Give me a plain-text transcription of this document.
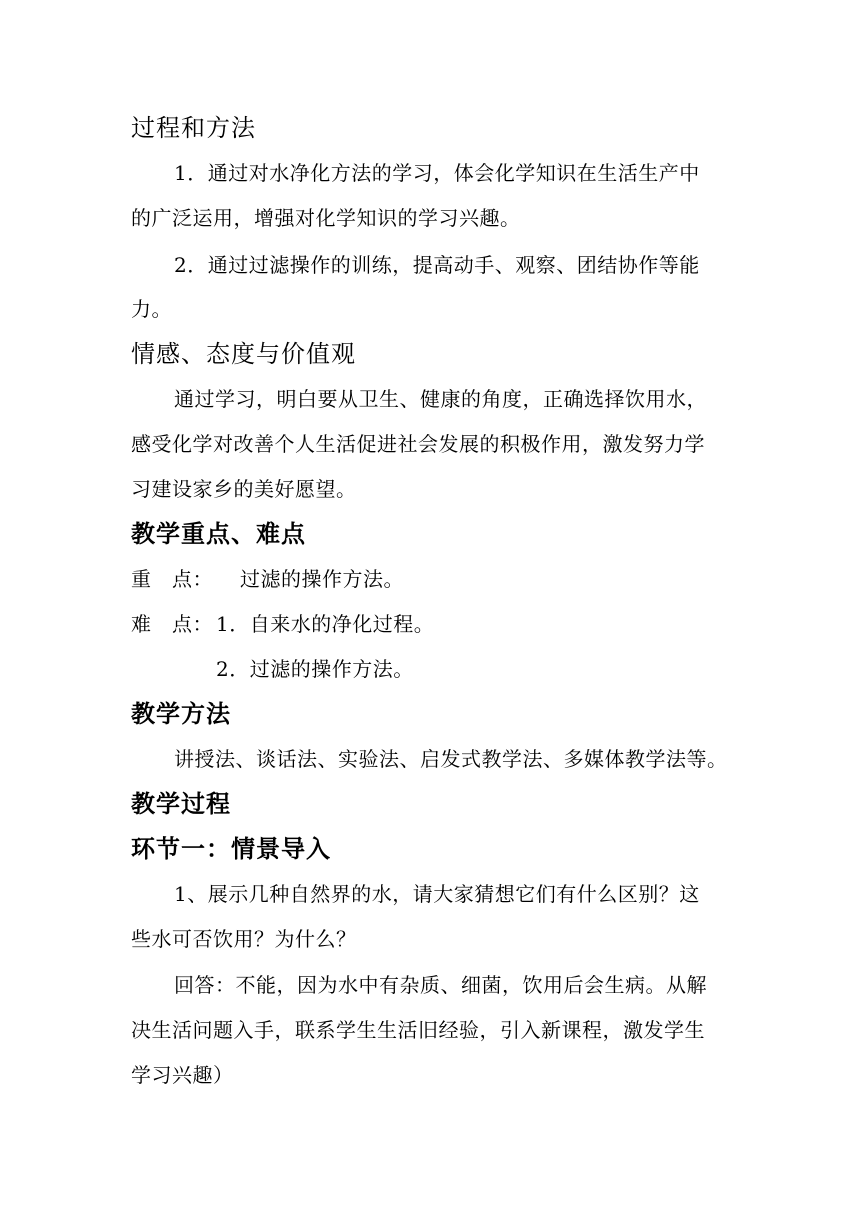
过程和方法
1．通过对水净化方法的学习，体会化学知识在生活生产中
的广泛运用，增强对化学知识的学习兴趣。
2．通过过滤操作的训练，提高动手、观察、团结协作等能
力。
情感、态度与价值观
通过学习，明白要从卫生、健康的角度，正确选择饮用水，
感受化学对改善个人生活促进社会发展的积极作用，激发努力学
习建设家乡的美好愿望。
教学重点、难点
重　点： 过滤的操作方法。
难　点： 1．自来水的净化过程。
2．过滤的操作方法。
教学方法
讲授法、谈话法、实验法、启发式教学法、多媒体教学法等。
教学过程
环节一：情景导入
1、展示几种自然界的水，请大家猜想它们有什么区别？这
些水可否饮用？为什么？
回答：不能，因为水中有杂质、细菌，饮用后会生病。从解
决生活问题入手，联系学生生活旧经验，引入新课程，激发学生
学习兴趣）
